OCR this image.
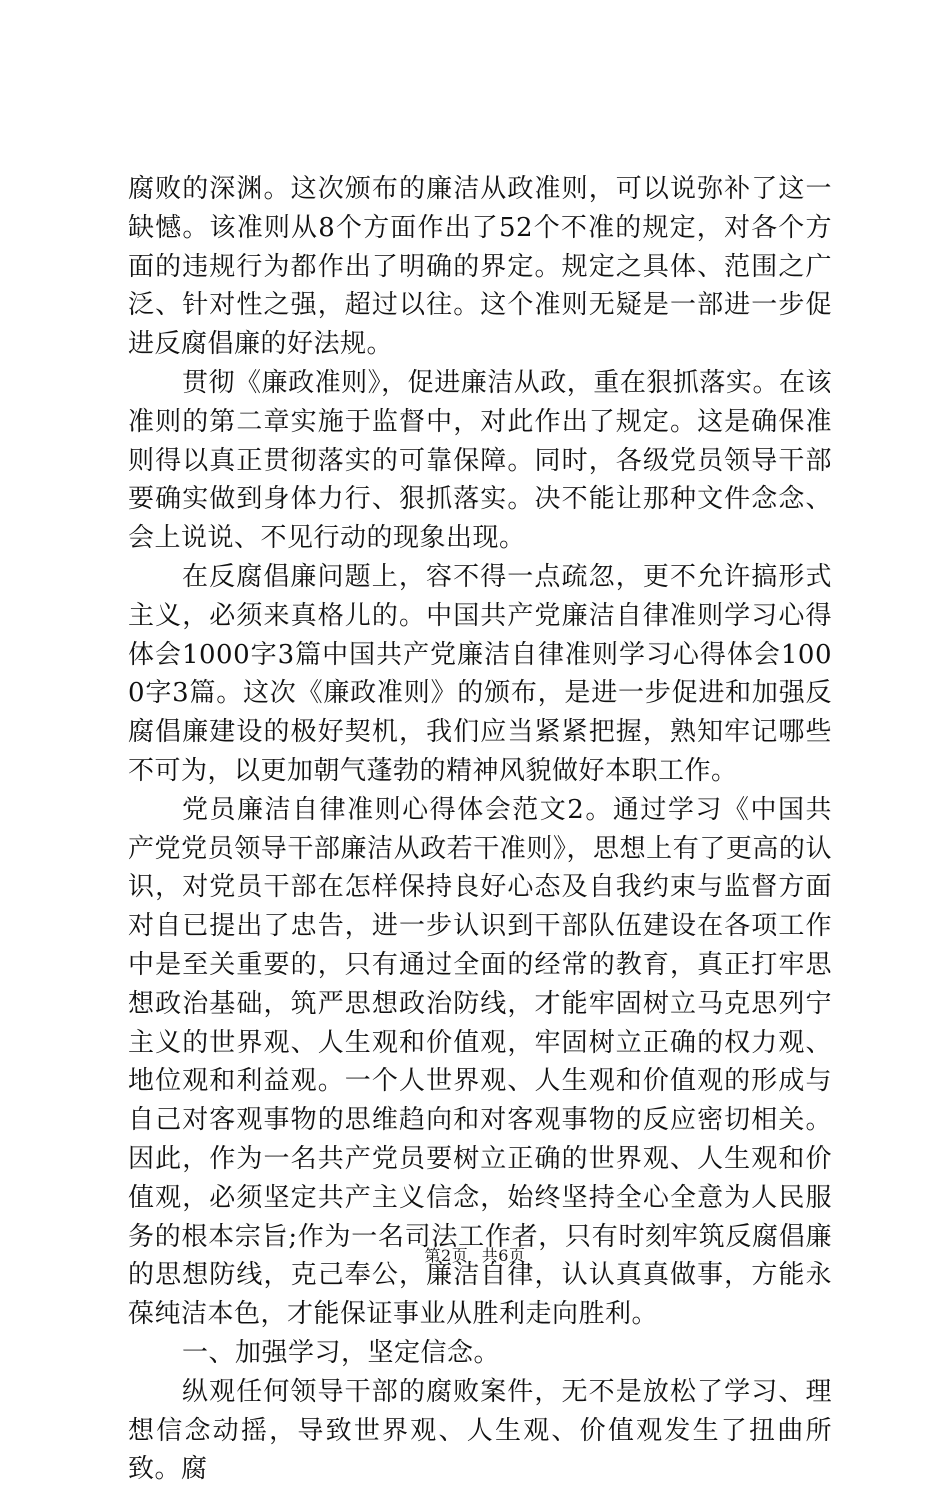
腐败的深渊。这次颁布的廉洁从政准则，可以说弥补了这一缺憾。该准则从8个方面作出了52个不准的规定，对各个方面的违规行为都作出了明确的界定。规定之具体、范围之广泛、针对性之强，超过以往。这个准则无疑是一部进一步促进反腐倡廉的好法规。

贯彻《廉政准则》，促进廉洁从政，重在狠抓落实。在该准则的第二章实施于监督中，对此作出了规定。这是确保准则得以真正贯彻落实的可靠保障。同时，各级党员领导干部要确实做到身体力行、狠抓落实。决不能让那种文件念念、会上说说、不见行动的现象出现。

在反腐倡廉问题上，容不得一点疏忽，更不允许搞形式主义，必须来真格儿的。中国共产党廉洁自律准则学习心得体会1000字3篇中国共产党廉洁自律准则学习心得体会1000字3篇。这次《廉政准则》的颁布，是进一步促进和加强反腐倡廉建设的极好契机，我们应当紧紧把握，熟知牢记哪些不可为，以更加朝气蓬勃的精神风貌做好本职工作。

党员廉洁自律准则心得体会范文2。通过学习《中国共产党党员领导干部廉洁从政若干准则》，思想上有了更高的认识，对党员干部在怎样保持良好心态及自我约束与监督方面对自已提出了忠告，进一步认识到干部队伍建设在各项工作中是至关重要的，只有通过全面的经常的教育，真正打牢思想政治基础，筑严思想政治防线，才能牢固树立马克思列宁主义的世界观、人生观和价值观，牢固树立正确的权力观、地位观和利益观。一个人世界观、人生观和价值观的形成与自己对客观事物的思维趋向和对客观事物的反应密切相关。因此，作为一名共产党员要树立正确的世界观、人生观和价值观，必须坚定共产主义信念，始终坚持全心全意为人民服务的根本宗旨;作为一名司法工作者，只有时刻牢筑反腐倡廉的思想防线，克己奉公，廉洁自律，认认真真做事，方能永葆纯洁本色，才能保证事业从胜利走向胜利。

一、加强学习，坚定信念。

纵观任何领导干部的腐败案件，无不是放松了学习、理想信念动摇，导致世界观、人生观、价值观发生了扭曲所致。腐

第2页 共6页
